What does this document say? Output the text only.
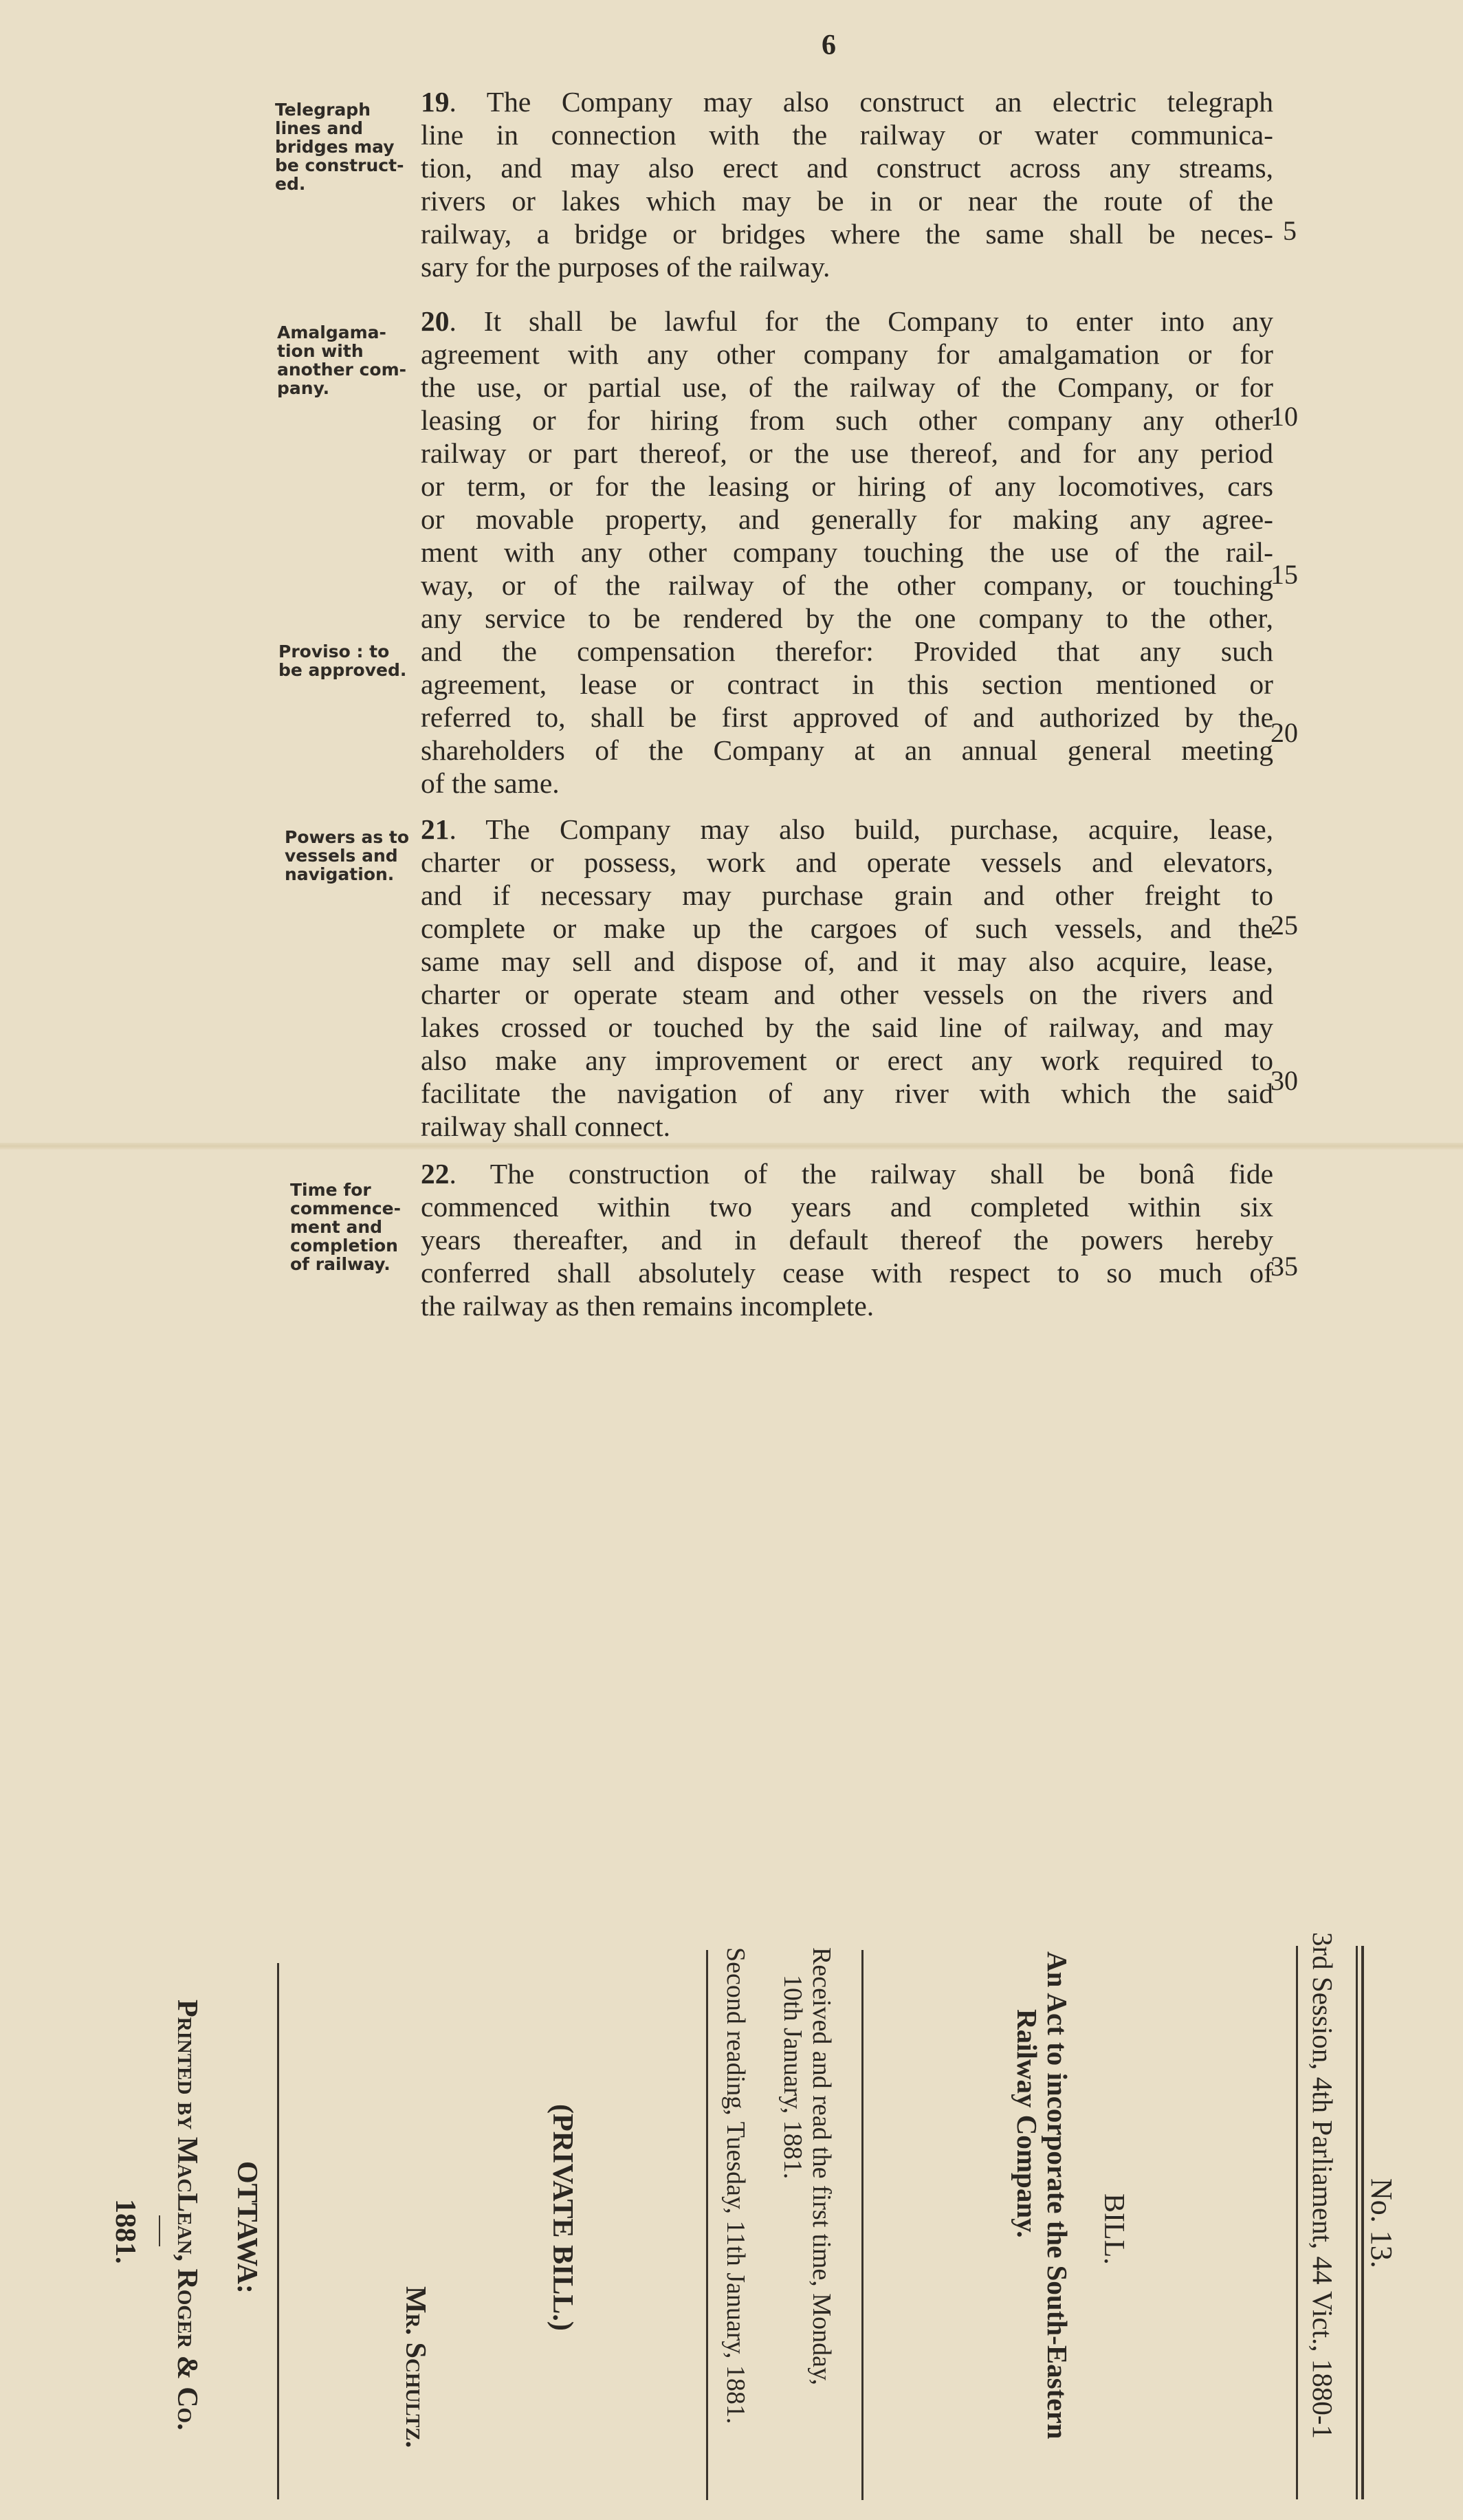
6
Telegraph
lines and
bridges may
be construct-
ed.
19. The Company may also construct an electric telegraph
line in connection with the railway or water communica-
tion, and may also erect and construct across any streams,
rivers or lakes which may be in or near the route of the
railway, a bridge or bridges where the same shall be neces-
sary for the purposes of the railway.
Amalgama-
tion with
another com-
pany.
20. It shall be lawful for the Company to enter into any
agreement with any other company for amalgamation or for
the use, or partial use, of the railway of the Company, or for
leasing or for hiring from such other company any other
railway or part thereof, or the use thereof, and for any period
or term, or for the leasing or hiring of any locomotives, cars
or movable property, and generally for making any agree-
ment with any other company touching the use of the rail-
way, or of the railway of the other company, or touching
any service to be rendered by the one company to the other,
and the compensation therefor: Provided that any such
agreement, lease or contract in this section mentioned or
referred to, shall be first approved of and authorized by the
shareholders of the Company at an annual general meeting
of the same.
Proviso : to
be approved.
Powers as to
vessels and
navigation.
21. The Company may also build, purchase, acquire, lease,
charter or possess, work and operate vessels and elevators,
and if necessary may purchase grain and other freight to
complete or make up the cargoes of such vessels, and the
same may sell and dispose of, and it may also acquire, lease,
charter or operate steam and other vessels on the rivers and
lakes crossed or touched by the said line of railway, and may
also make any improvement or erect any work required to
facilitate the navigation of any river with which the said
railway shall connect.
Time for
commence-
ment and
completion
of railway.
22. The construction of the railway shall be bonâ fide
commenced within two years and completed within six
years thereafter, and in default thereof the powers hereby
conferred shall absolutely cease with respect to so much of
the railway as then remains incomplete.
5
10
15
20
25
30
35
No. 13.
3rd Session, 4th Parliament, 44 Vict., 1880-1
BILL.
An Act to incorporate the South-Eastern
Railway Company.
Received and read the first time, Monday,
10th January, 1881.
Second reading, Tuesday, 11th January, 1881.
(PRIVATE BILL.)
Mr. Schultz.
OTTAWA:
Printed by MacLean, Roger & Co.
1881.
